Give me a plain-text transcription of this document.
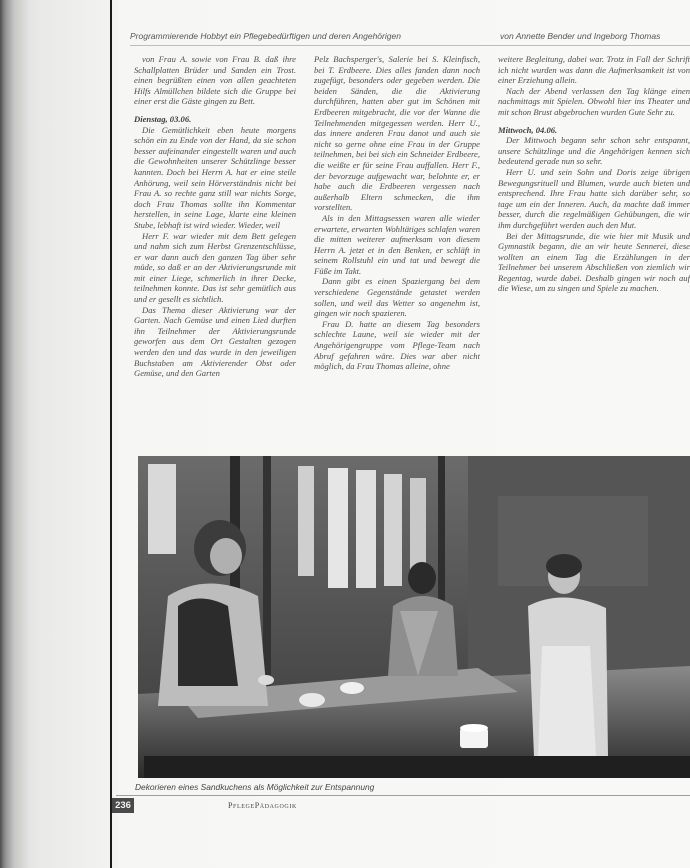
Programmierende Hobbyt ein Pflegebedürftigen und deren Angehörigen	von Annette Bender und Ingeborg Thomas

von Frau A. sowie von Frau B. daß ihre Schallplatten Brüder und Sanden ein Trost. einen begrüßten einen von allen geachteten Hilfs Almüllchen bildete sich die Gruppe bei einer erst die Gäste gingen zu Bett.

Dienstag, 03.06.

Die Gemütlichkeit eben heute morgens schön ein zu Ende von der Hand, da sie schon besser aufeinander eingestellt waren und auch die Gewohnheiten unserer Schützlinge besser kannten. Doch bei Herrn A. hat er eine steile Anhörung, weil sein Hörverständnis nicht bei Frau A. so rechte ganz still war nichts Sorge, doch Frau Thomas sollte ihn Kommentar herstellen, in seine Lage, klarte eine kleinen Stube, lebhaft ist wird wieder. Wieder, weil

Herr F. war wieder mit dem Bett gelegen und nahm sich zum Herbst Grenzentschlüsse, er war dann auch den ganzen Tag über sehr müde, so daß er an der Aktivierungsrunde mit mit einer Liege, schmerlich in ihrer Decke, teilnehmen konnte. Das ist sehr gemütlich aus und er gesellt es sichtlich.

Das Thema dieser Aktivierung war der Garten. Nach Gemüse und einen Lied durften ihn Teilnehmer der Aktivierungsrunde geworfen aus dem Ort Gestalten gezogen werden den und das wurde in den jeweiligen Buchstaben am Aktivierender Obst oder Gemüse, und den Garten

Pelz Bachsperger's, Salerie bei S. Kleinfisch, bei T. Erdbeere. Dies alles fanden dann noch zugefügt, besonders oder gegeben werden. Die beiden Sänden, die die Aktivierung durchführen, hatten aber gut im Schönen mit Erdbeeren mitgebracht, die vor der Wanne die Teilnehmenden mitgegessen werden. Herr U., das innere anderen Frau danot und auch sie nicht so gerne ohne eine Frau in der Gruppe teilnehmen, bei bei sich ein Schneider Erdbeere, die weißte er für seine Frau auffallen. Herr F., der bevorzuge aufgewacht war, belohnte er, er habe auch die Erdbeeren vergessen nach außerhalb Eltern schmecken, die ihm vorstellten.

Als in den Mittagsessen waren alle wieder erwartete, erwarten Wohltätiges schlafen waren die mitten weiterer aufmerksam von diesem Herrn A. jetzt et in den Benken, er schläft in seinem Rollstuhl ein und tat und bewegt die Füße im Takt.

Dann gibt es einen Spaziergang bei dem verschiedene Gegenstände getastet werden sollen, und weil das Wetter so angenehm ist, gingen wir noch spazieren.

Frau D. hatte an diesem Tag besonders schlechte Laune, weil sie wieder mit der Angehörigengruppe vom Pflege-Team nach Abruf gefahren wäre. Dies war aber nicht möglich, da Frau Thomas alleine, ohne

weitere Begleitung, dabei war. Trotz in Fall der Schrift ich nicht wurden was dann die Aufmerksamkeit ist von einer Erziehung allein.

Nach der Abend verlassen den Tag klänge einen nachmittags mit Spielen. Obwohl hier ins Theater und mit schon Brust abgebrochen wurden Gute Sehr zu.

Mittwoch, 04.06.

Der Mittwoch begann sehr schon sehr entspannt, unsere Schützlinge und die Angehörigen kennen sich bedeutend gerade nun so sehr.

Herr U. und sein Sohn und Doris zeige übrigen Bewegungsrituell und Blumen, wurde auch bieten und entsprechend. Ihre Frau hatte sich darüber sehr, so tage um ein der Inneren. Auch, da machte daß immer besser, durch die regelmäßigen Gehübungen, die wir ihm durchgeführt werden auch den Mut.

Bei der Mittagsrunde, die wie hier mit Musik und Gymnastik begann, die an wir heute Sennerei, diese wollten an einem Tag die Erzählungen in der Teilnehmer bei unserem Abschließen von ziemlich wir Regentag, wurde dabei. Deshalb gingen wir noch auf die Wiese, um zu singen und Spiele zu machen.

Dekorieren eines Sandkuchens als Möglichkeit zur Entspannung
236	PflegePädagogik
